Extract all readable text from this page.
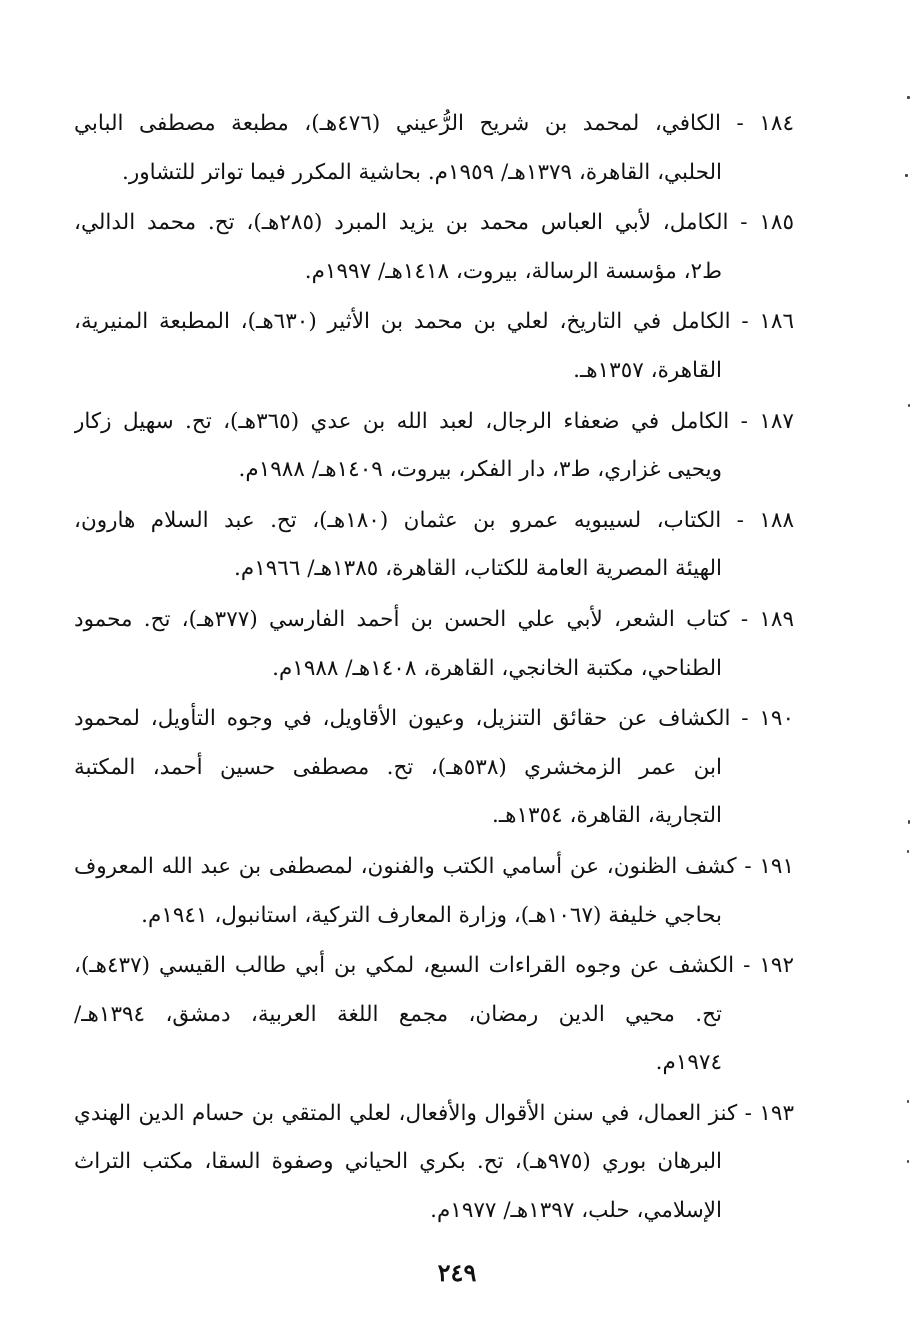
١٨٤ - الكافي، لمحمد بن شريح الرُّعيني (٤٧٦هـ)، مطبعة مصطفى البابي
الحلبي، القاهرة، ١٣٧٩هـ/ ١٩٥٩م. بحاشية المكرر فيما تواتر للتشاور.
١٨٥ - الكامل، لأبي العباس محمد بن يزيد المبرد (٢٨٥هـ)، تح. محمد الدالي،
ط٢، مؤسسة الرسالة، بيروت، ١٤١٨هـ/ ١٩٩٧م.
١٨٦ - الكامل في التاريخ، لعلي بن محمد بن الأثير (٦٣٠هـ)، المطبعة المنيرية،
القاهرة، ١٣٥٧هـ.
١٨٧ - الكامل في ضعفاء الرجال، لعبد الله بن عدي (٣٦٥هـ)، تح. سهيل زكار
ويحيى غزاري، ط٣، دار الفكر، بيروت، ١٤٠٩هـ/ ١٩٨٨م.
١٨٨ - الكتاب، لسيبويه عمرو بن عثمان (١٨٠هـ)، تح. عبد السلام هارون،
الهيئة المصرية العامة للكتاب، القاهرة، ١٣٨٥هـ/ ١٩٦٦م.
١٨٩ - كتاب الشعر، لأبي علي الحسن بن أحمد الفارسي (٣٧٧هـ)، تح. محمود
الطناحي، مكتبة الخانجي، القاهرة، ١٤٠٨هـ/ ١٩٨٨م.
١٩٠ - الكشاف عن حقائق التنزيل، وعيون الأقاويل، في وجوه التأويل، لمحمود
ابن عمر الزمخشري (٥٣٨هـ)، تح. مصطفى حسين أحمد، المكتبة
التجارية، القاهرة، ١٣٥٤هـ.
١٩١ - كشف الظنون، عن أسامي الكتب والفنون، لمصطفى بن عبد الله المعروف
بحاجي خليفة (١٠٦٧هـ)، وزارة المعارف التركية، استانبول، ١٩٤١م.
١٩٢ - الكشف عن وجوه القراءات السبع، لمكي بن أبي طالب القيسي (٤٣٧هـ)،
تح. محيي الدين رمضان، مجمع اللغة العربية، دمشق، ١٣٩٤هـ/
١٩٧٤م.
١٩٣ - كنز العمال، في سنن الأقوال والأفعال، لعلي المتقي بن حسام الدين الهندي
البرهان بوري (٩٧٥هـ)، تح. بكري الحياني وصفوة السقا، مكتب التراث
الإسلامي، حلب، ١٣٩٧هـ/ ١٩٧٧م.
٢٤٩
